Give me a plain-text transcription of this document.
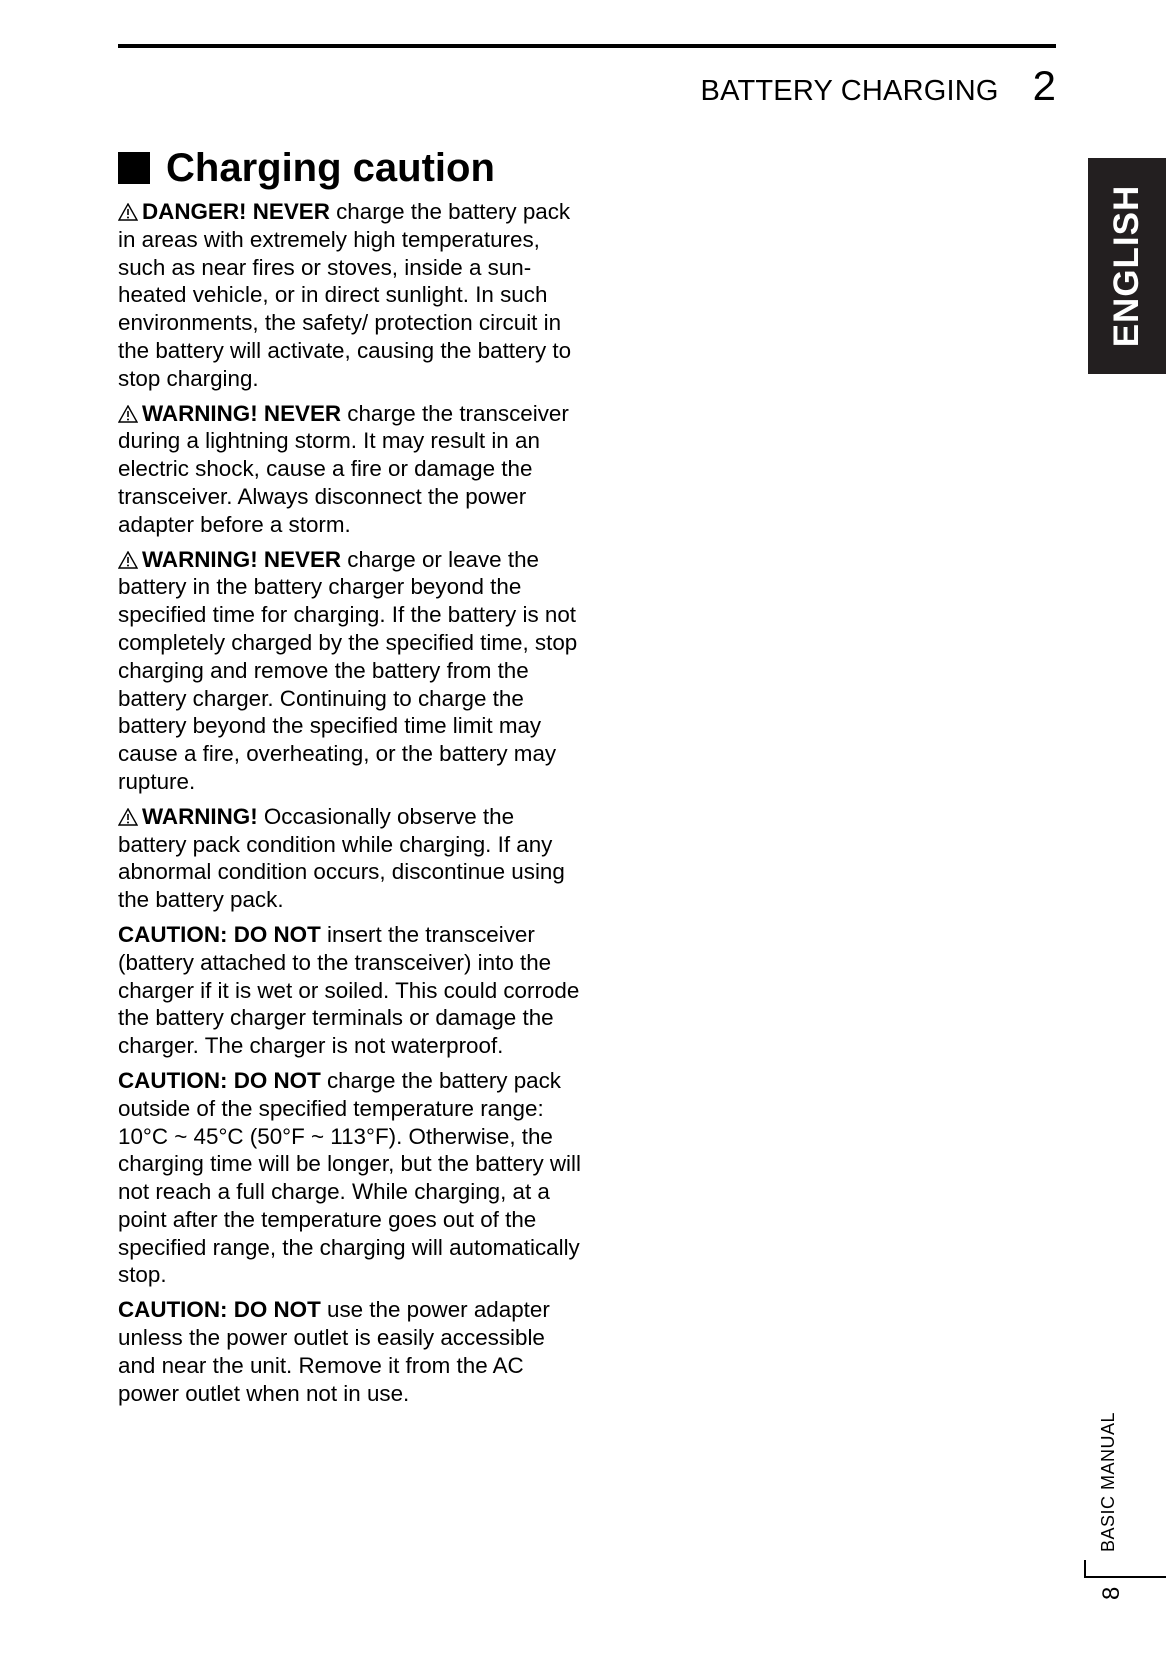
BATTERY CHARGING 2
Charging caution

DANGER! NEVER charge the battery pack in areas with extremely high temperatures, such as near fires or stoves, inside a sun-heated vehicle, or in direct sunlight. In such environments, the safety/ protection circuit in the battery will activate, causing the battery to stop charging.

WARNING! NEVER charge the transceiver during a lightning storm. It may result in an electric shock, cause a fire or damage the transceiver. Always disconnect the power adapter before a storm.

WARNING! NEVER charge or leave the battery in the battery charger beyond the specified time for charging. If the battery is not completely charged by the specified time, stop charging and remove the battery from the battery charger. Continuing to charge the battery beyond the specified time limit may cause a fire, overheating, or the battery may rupture.

WARNING! Occasionally observe the battery pack condition while charging. If any abnormal condition occurs, discontinue using the battery pack.

CAUTION: DO NOT insert the transceiver (battery attached to the transceiver) into the charger if it is wet or soiled. This could corrode the battery charger terminals or damage the charger. The charger is not waterproof.

CAUTION: DO NOT charge the battery pack outside of the specified temperature range: 10°C ~ 45°C (50°F ~ 113°F). Otherwise, the charging time will be longer, but the battery will not reach a full charge. While charging, at a point after the temperature goes out of the specified range, the charging will automatically stop.

CAUTION: DO NOT use the power adapter unless the power outlet is easily accessible and near the unit. Remove it from the AC power outlet when not in use.

ENGLISH
BASIC MANUAL
8
